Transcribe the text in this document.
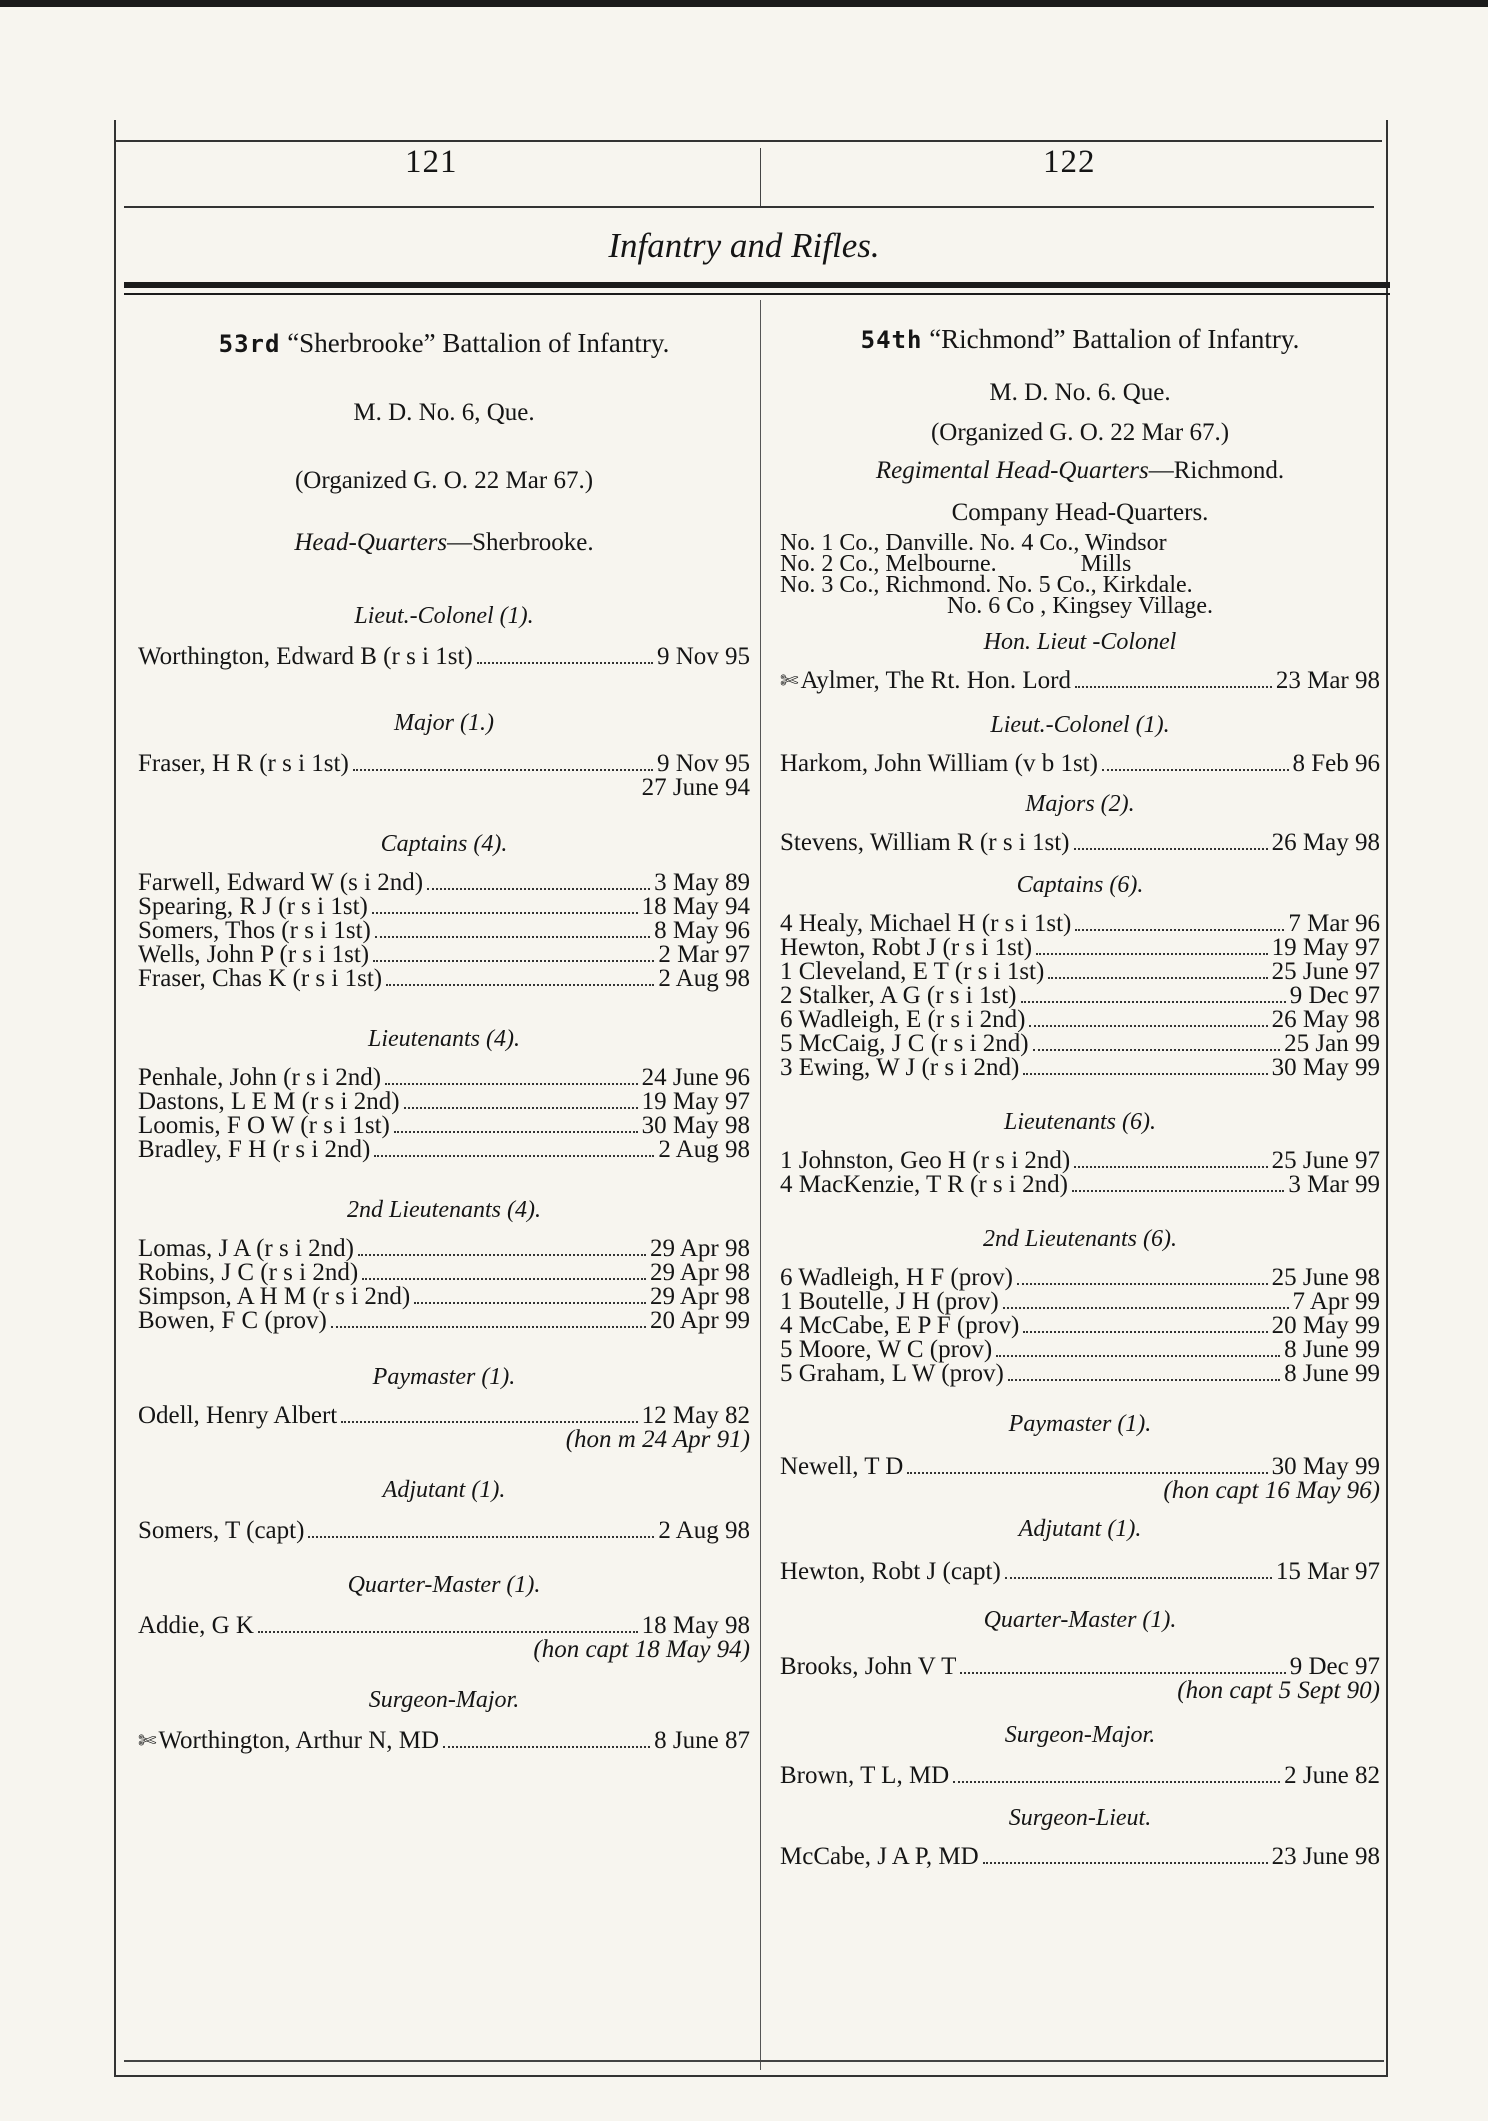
121	122
Infantry and Rifles.

53rd “Sherbrooke” Battalion of Infantry.

M. D. No. 6, Que.

(Organized G. O. 22 Mar 67.)

Head-Quarters—Sherbrooke.

Lieut.-Colonel (1).

Worthington, Edward B (r s i 1st)	9 Nov 95

Major (1.)

Fraser, H R (r s i 1st)	9 Nov 95

27 June 94

Captains (4).

Farwell, Edward W (s i 2nd)	3 May 89
Spearing, R J (r s i 1st)	18 May 94
Somers, Thos (r s i 1st)	8 May 96
Wells, John P (r s i 1st)	2 Mar 97
Fraser, Chas K (r s i 1st)	2 Aug 98

Lieutenants (4).

Penhale, John (r s i 2nd)	24 June 96
Dastons, L E M (r s i 2nd)	19 May 97
Loomis, F O W (r s i 1st)	30 May 98
Bradley, F H (r s i 2nd)	2 Aug 98

2nd Lieutenants (4).

Lomas, J A (r s i 2nd)	29 Apr 98
Robins, J C (r s i 2nd)	29 Apr 98
Simpson, A H M (r s i 2nd)	29 Apr 98
Bowen, F C (prov)	20 Apr 99

Paymaster (1).

Odell, Henry Albert	12 May 82

(hon m 24 Apr 91)

Adjutant (1).

Somers, T (capt)	2 Aug 98

Quarter-Master (1).

Addie, G K	18 May 98

(hon capt 18 May 94)

Surgeon-Major.

✄ Worthington, Arthur N, MD	8 June 87

54th “Richmond” Battalion of Infantry.

M. D. No. 6. Que.

(Organized G. O. 22 Mar 67.)

Regimental Head-Quarters—Richmond.

Company Head-Quarters.

No. 1 Co., Danville. No. 4 Co., Windsor
No. 2 Co., Melbourne.              Mills
No. 3 Co., Richmond. No. 5 Co., Kirkdale.
No. 6 Co , Kingsey Village.

Hon. Lieut -Colonel

✄ Aylmer, The Rt. Hon. Lord	23 Mar 98

Lieut.-Colonel (1).

Harkom, John William (v b 1st)	8 Feb 96

Majors (2).

Stevens, William R (r s i 1st)	26 May 98

Captains (6).

4 Healy, Michael H (r s i 1st)	7 Mar 96
Hewton, Robt J (r s i 1st)	19 May 97
1 Cleveland, E T (r s i 1st)	25 June 97
2 Stalker, A G (r s i 1st)	9 Dec 97
6 Wadleigh, E (r s i 2nd)	26 May 98
5 McCaig, J C (r s i 2nd)	25 Jan 99
3 Ewing, W J (r s i 2nd)	30 May 99

Lieutenants (6).

1 Johnston, Geo H (r s i 2nd)	25 June 97
4 MacKenzie, T R (r s i 2nd)	3 Mar 99

2nd Lieutenants (6).

6 Wadleigh, H F (prov)	25 June 98
1 Boutelle, J H (prov)	7 Apr 99
4 McCabe, E P F (prov)	20 May 99
5 Moore, W C (prov)	8 June 99
5 Graham, L W (prov)	8 June 99

Paymaster (1).

Newell, T D	30 May 99

(hon capt 16 May 96)

Adjutant (1).

Hewton, Robt J (capt)	15 Mar 97

Quarter-Master (1).

Brooks, John V T	9 Dec 97

(hon capt 5 Sept 90)

Surgeon-Major.

Brown, T L, MD	2 June 82

Surgeon-Lieut.

McCabe, J A P, MD	23 June 98
